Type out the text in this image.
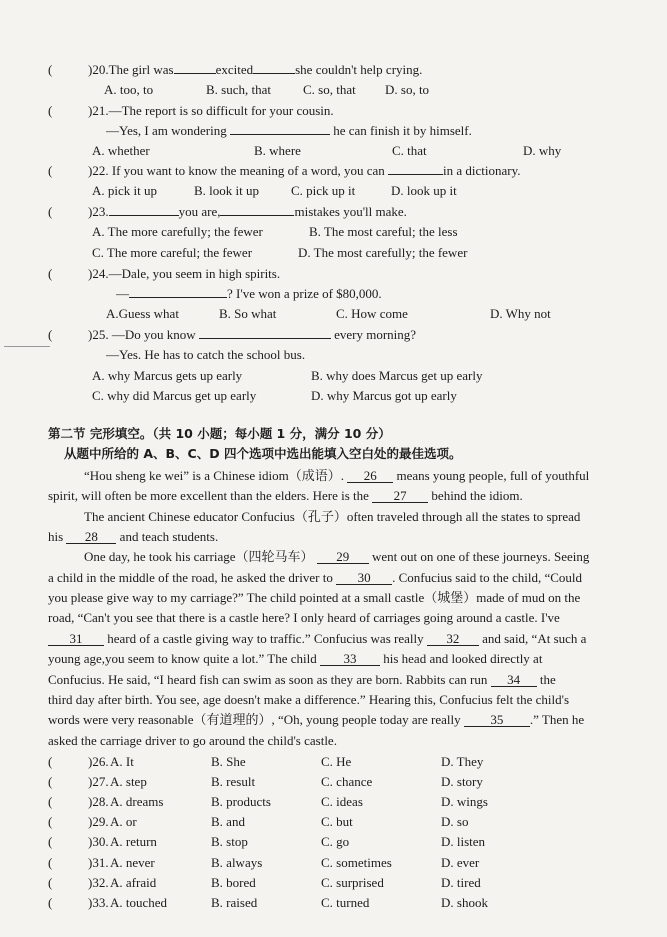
(
(
(
(
(
(
)20.The girl was	excited	she couldn't help crying.
A. too, to	B. such, that C. so, that D. so, to
)21.—The report is so difficult for your cousin.
—Yes, I am wondering	he can finish it by himself.
A. whether	B. where	C. that	D. why
)22. If you want to know the meaning of a word, you can	in a dictionary.
A. pick it up	B. look it up C. pick up it	D. look up it
)23.	you are,	mistakes you'll make.
A. The more carefully; the fewer	B. The most careful; the less
C. The more careful; the fewer	D. The most carefully; the fewer
)24.—Dale, you seem in high spirits.
—	? I've won a prize of $80,000.
A.Guess what	B. So what	C. How come	D. Why not
)25. —Do you know	every morning?
—Yes. He has to catch the school bus.
A. why Marcus gets up early	B. why does Marcus get up early
C. why did Marcus get up early	D. why Marcus got up early
第二节 完形填空。（共 10 小题；每小题 1 分，满分 10 分）
从题中所给的 A、B、C、D 四个选项中选出能填入空白处的最佳选项。
“Hou sheng ke wei” is a Chinese idiom（成语）. 26 means young people, full of youthful
spirit, will often be more excellent than the elders. Here is the 27 behind the idiom.
The ancient Chinese educator Confucius（孔子）often traveled through all the states to spread
his 28 and teach students.
One day, he took his carriage（四轮马车） 29 went out on one of these journeys. Seeing
a child in the middle of the road, he asked the driver to 30 . Confucius said to the child, “Could
you please give way to my carriage?” The child pointed at a small castle（城堡）made of mud on the
road, “Can't you see that there is a castle here? I only heard of carriages going around a castle. I've
31 heard of a castle giving way to traffic.” Confucius was really 32 and said, “At such a
young age,you seem to know quite a lot.” The child 33 his head and looked directly at
Confucius. He said, “I heard fish can swim as soon as they are born. Rabbits can run 34 the
third day after birth. You see, age doesn't make a difference.” Hearing this, Confucius felt the child's
words were very reasonable（有道理的）, “Oh, young people today are really 35 .” Then he
asked the carriage driver to go around the child's castle.
(	)26. A. It	B. She	C. He	D. They
(	)27. A. step	B. result	C. chance	D. story
(	)28. A. dreams	B. products	C. ideas	D. wings
(	)29. A. or	B. and	C. but	D. so
(	)30. A. return	B. stop	C. go	D. listen
(	)31. A. never	B. always	C. sometimes	D. ever
(	)32. A. afraid	B. bored	C. surprised	D. tired
(	)33. A. touched	B. raised	C. turned	D. shook
